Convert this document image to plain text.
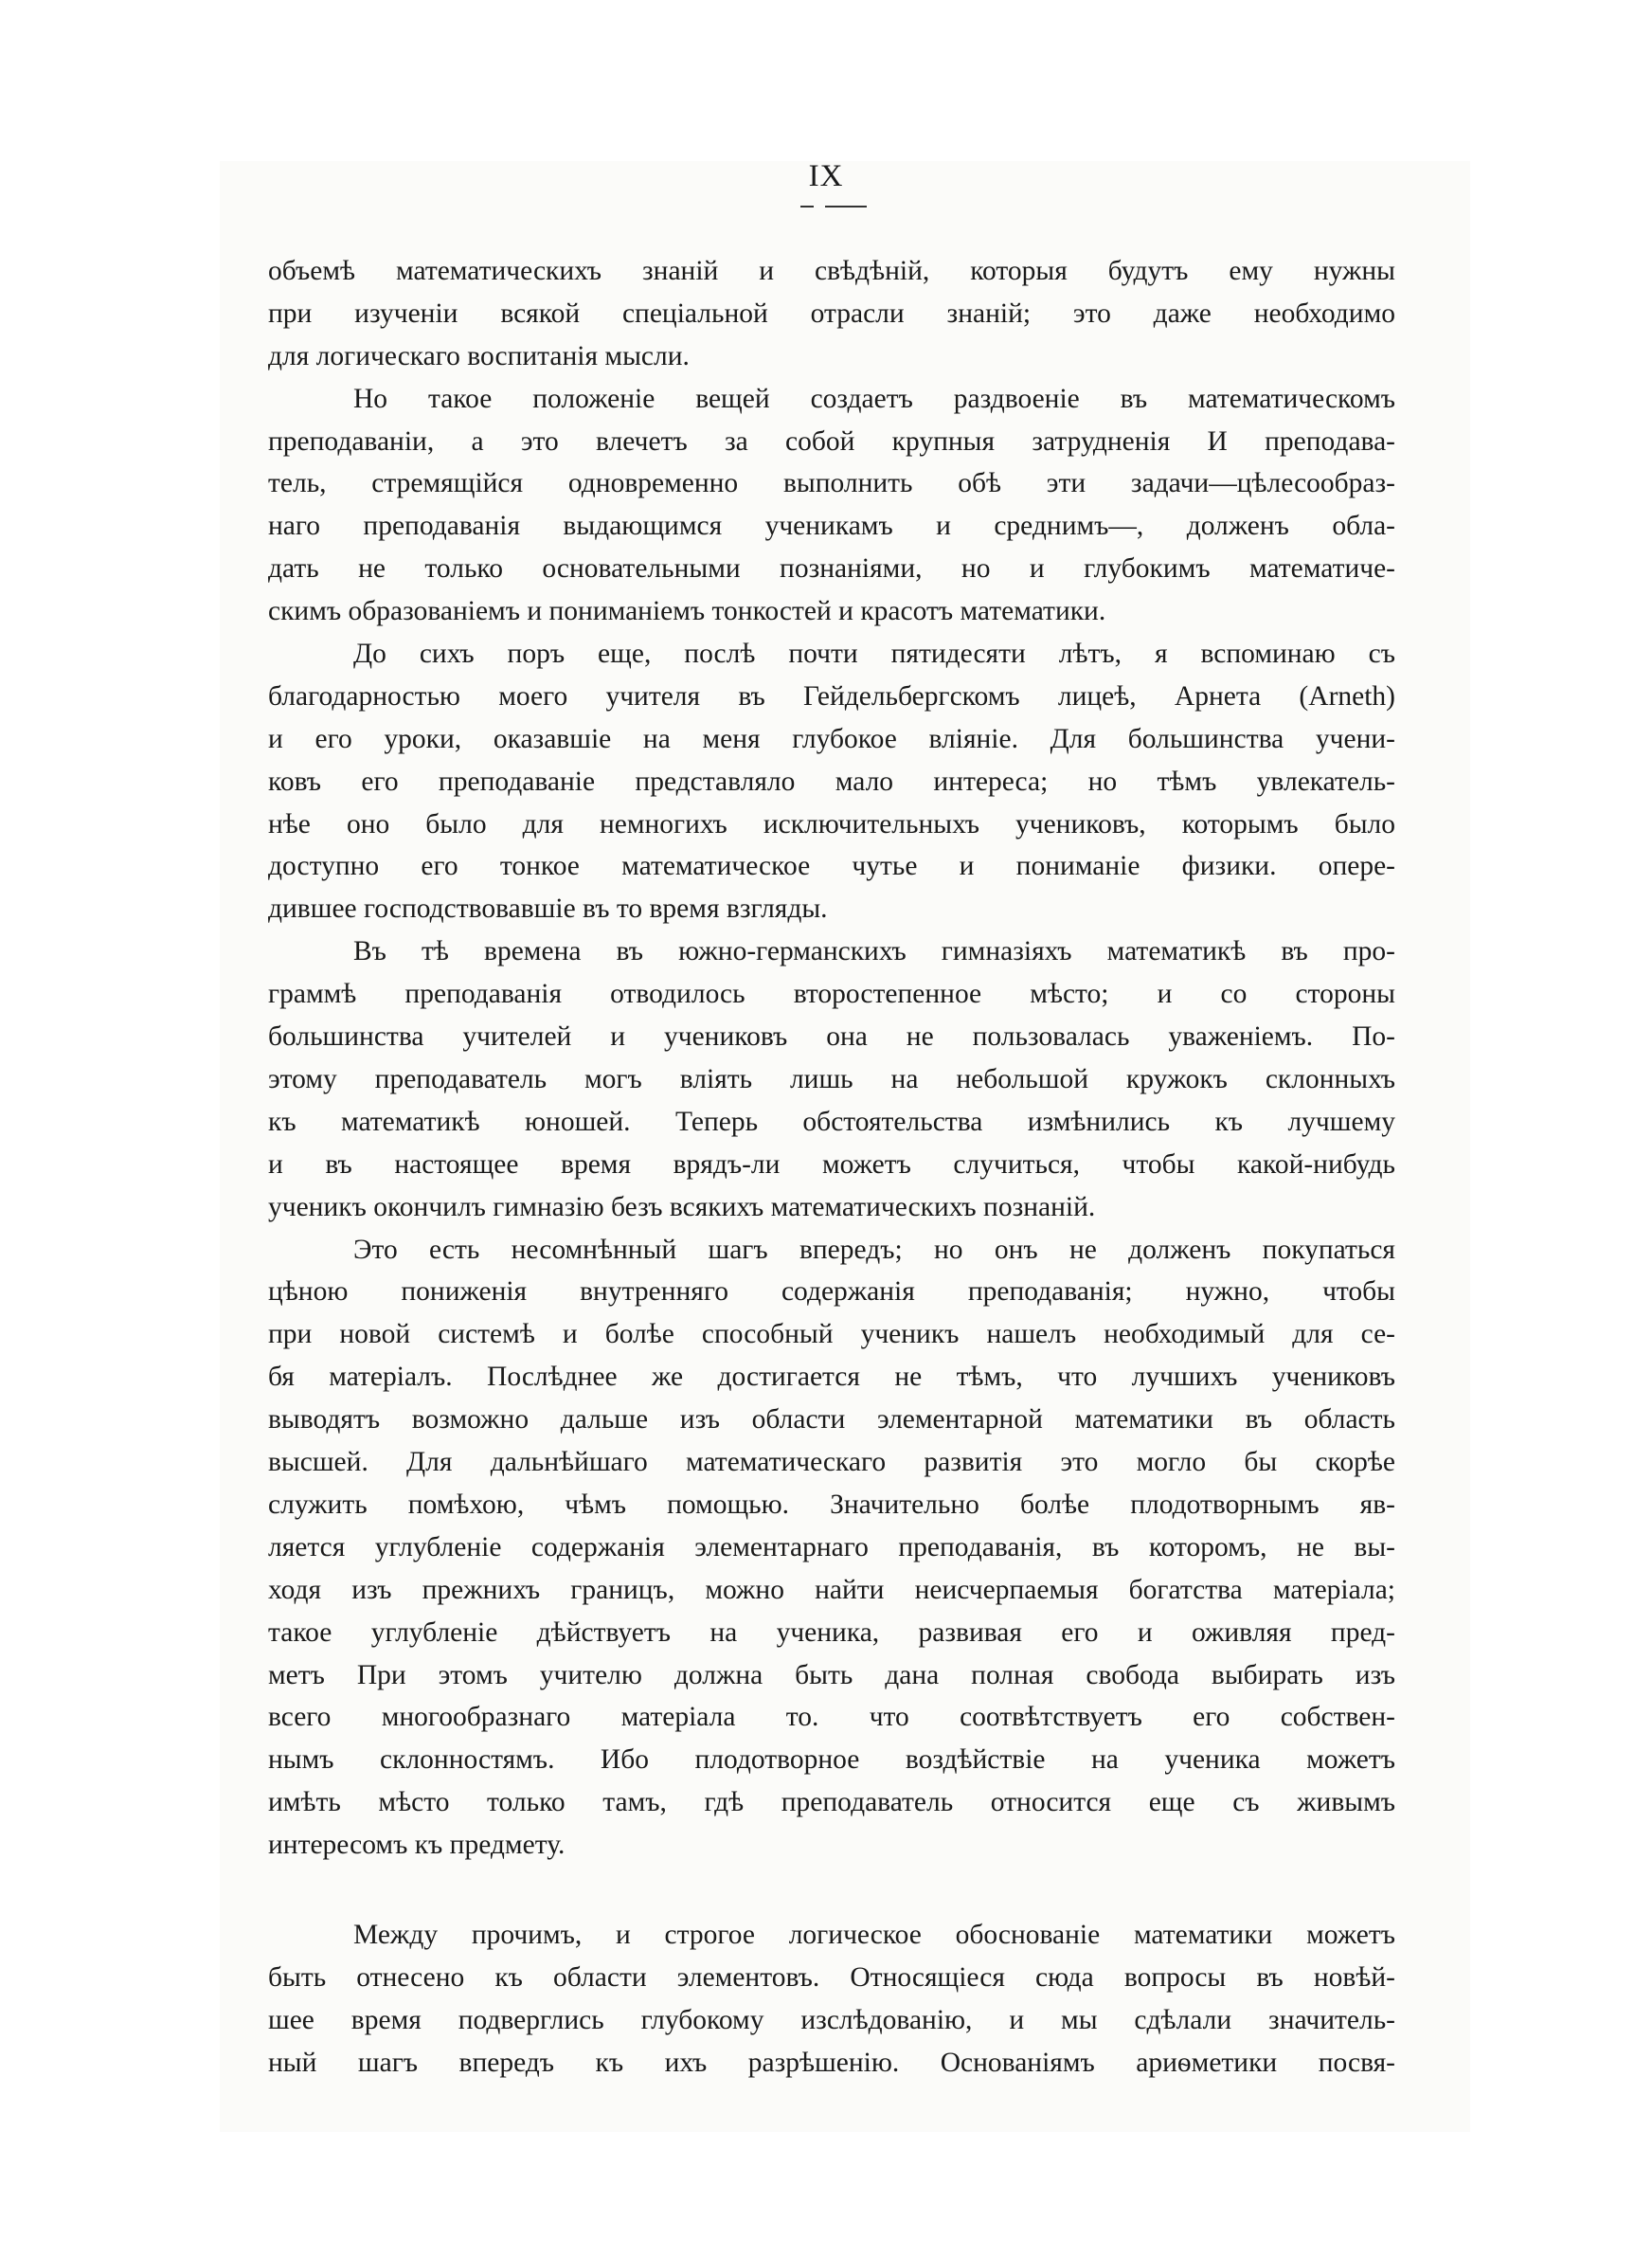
IX
объемѣ математическихъ знаній и свѣдѣній, которыя будутъ ему нужны
при изученіи всякой спеціальной отрасли знаній; это даже необходимо
для логическаго воспитанія мысли.
Но такое положеніе вещей создаетъ раздвоеніе въ математическомъ
преподаваніи, а это влечетъ за собой крупныя затрудненія И преподава-
тель, стремящійся одновременно выполнить обѣ эти задачи—цѣлесообраз-
наго преподаванія выдающимся ученикамъ и среднимъ—, долженъ обла-
дать не только основательными познаніями, но и глубокимъ математиче-
скимъ образованіемъ и пониманіемъ тонкостей и красотъ математики.
До сихъ поръ еще, послѣ почти пятидесяти лѣтъ, я вспоминаю съ
благодарностью моего учителя въ Гейдельбергскомъ лицеѣ, Арнета (Arneth)
и его уроки, оказавшіе на меня глубокое вліяніе. Для большинства учени-
ковъ его преподаваніе представляло мало интереса; но тѣмъ увлекатель-
нѣе оно было для немногихъ исключительныхъ учениковъ, которымъ было
доступно его тонкое математическое чутье и пониманіе физики. опере-
дившее господствовавшіе въ то время взгляды.
Въ тѣ времена въ южно-германскихъ гимназіяхъ математикѣ въ про-
граммѣ преподаванія отводилось второстепенное мѣсто; и со стороны
большинства учителей и учениковъ она не пользовалась уваженіемъ. По-
этому преподаватель могъ вліять лишь на небольшой кружокъ склонныхъ
къ математикѣ юношей. Теперь обстоятельства измѣнились къ лучшему
и въ настоящее время врядъ-ли можетъ случиться, чтобы какой-нибудь
ученикъ окончилъ гимназію безъ всякихъ математическихъ познаній.
Это есть несомнѣнный шагъ впередъ; но онъ не долженъ покупаться
цѣною пониженія внутренняго содержанія преподаванія; нужно, чтобы
при новой системѣ и болѣе способный ученикъ нашелъ необходимый для се-
бя матеріалъ. Послѣднее же достигается не тѣмъ, что лучшихъ учениковъ
выводятъ возможно дальше изъ области элементарной математики въ область
высшей. Для дальнѣйшаго математическаго развитія это могло бы скорѣе
служить помѣхою, чѣмъ помощью. Значительно болѣе плодотворнымъ яв-
ляется углубленіе содержанія элементарнаго преподаванія, въ которомъ, не вы-
ходя изъ прежнихъ границъ, можно найти неисчерпаемыя богатства матеріала;
такое углубленіе дѣйствуетъ на ученика, развивая его и оживляя пред-
метъ При этомъ учителю должна быть дана полная свобода выбирать изъ
всего многообразнаго матеріала то. что соотвѣтствуетъ его собствен-
нымъ склонностямъ. Ибо плодотворное воздѣйствіе на ученика можетъ
имѣть мѣсто только тамъ, гдѣ преподаватель относится еще съ живымъ
интересомъ къ предмету.
Между прочимъ, и строгое логическое обоснованіе математики можетъ
быть отнесено къ области элементовъ. Относящіеся сюда вопросы въ новѣй-
шее время подверглись глубокому изслѣдованію, и мы сдѣлали значитель-
ный шагъ впередъ къ ихъ разрѣшенію. Основаніямъ ариѳметики посвя-
